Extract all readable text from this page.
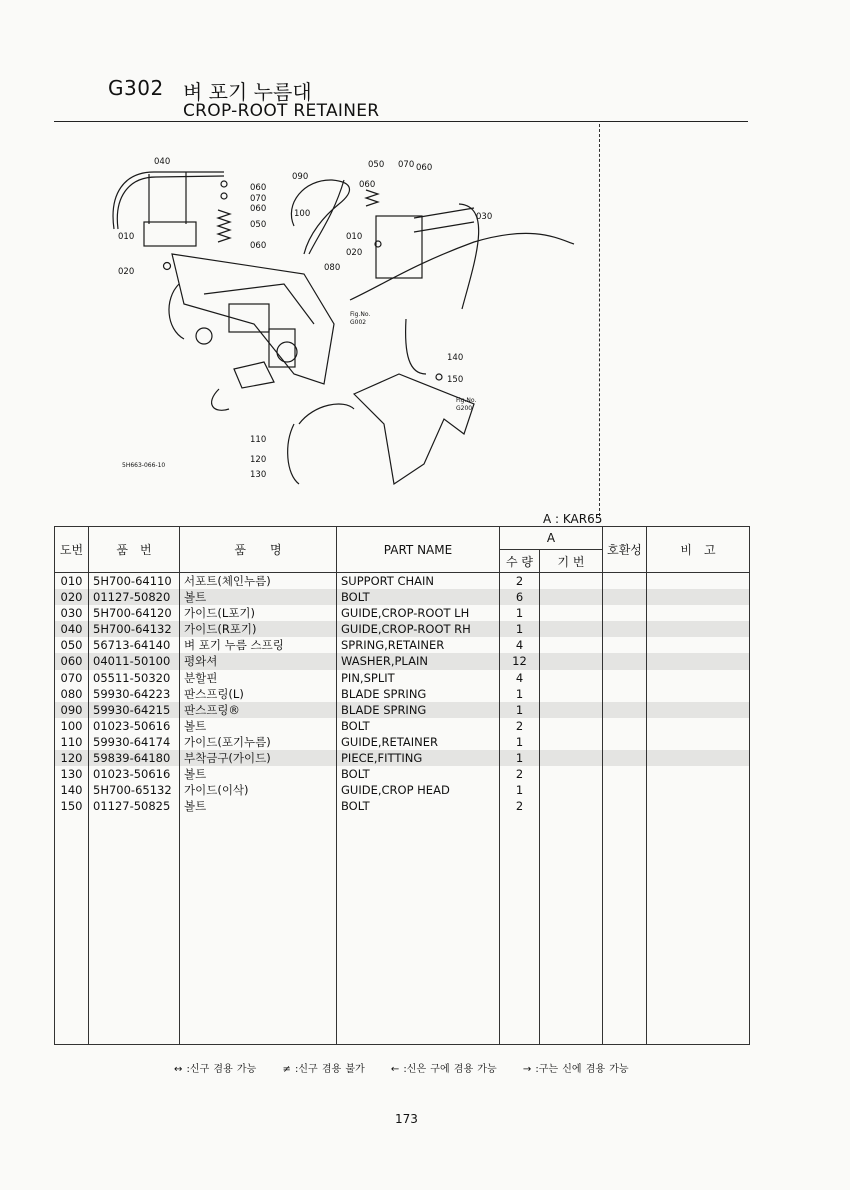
G302 벼 포기 누름대
CROP-ROOT RETAINER
040
060
070
060
050
060
010
020
090
100
080
050 070 060
060
010
020
030
140
150
110
120
130
Fig.No.
G002
Fig.No.
G200
5H663-066-10
A : KAR65
도번	품　번	품　　명	PART NAME	A		호환성	비　고
				수 량	기 번		
010	5H700-64110	서포트(체인누름)	SUPPORT CHAIN	2			
020	01127-50820	볼트	BOLT	6			
030	5H700-64120	가이드(L포기)	GUIDE,CROP-ROOT LH	1			
040	5H700-64132	가이드(R포기)	GUIDE,CROP-ROOT RH	1			
050	56713-64140	벼 포기 누름 스프링	SPRING,RETAINER	4			
060	04011-50100	평와셔	WASHER,PLAIN	12			
070	05511-50320	분할핀	PIN,SPLIT	4			
080	59930-64223	판스프링(L)	BLADE SPRING	1			
090	59930-64215	판스프링®	BLADE SPRING	1			
100	01023-50616	볼트	BOLT	2			
110	59930-64174	가이드(포기누름)	GUIDE,RETAINER	1			
120	59839-64180	부착금구(가이드)	PIECE,FITTING	1			
130	01023-50616	볼트	BOLT	2			
140	5H700-65132	가이드(이삭)	GUIDE,CROP HEAD	1			
150	01127-50825	볼트	BOLT	2			

↔ :신구 겸용 가능	≠ :신구 겸용 불가	← :신은 구에 겸용 가능	→ :구는 신에 겸용 가능
173
